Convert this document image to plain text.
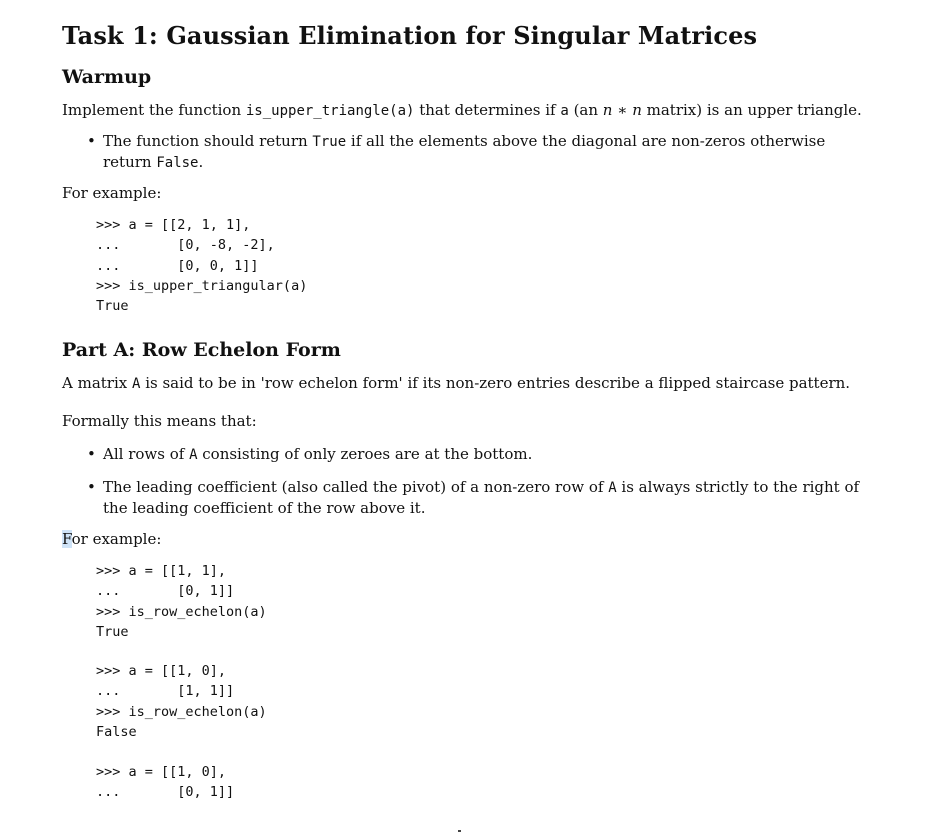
Task 1: Gaussian Elimination for Singular Matrices
Warmup

Implement the function is_upper_triangle(a) that determines if a (an n ∗ n matrix) is an upper triangle.

• The function should return True if all the elements above the diagonal are non-zeros otherwise return False.

For example:

>>> a = [[2, 1, 1],
...       [0, -8, -2],
...       [0, 0, 1]]
>>> is_upper_triangular(a)
True
Part A: Row Echelon Form

A matrix A is said to be in 'row echelon form' if its non-zero entries describe a flipped staircase pattern.

Formally this means that:

• All rows of A consisting of only zeroes are at the bottom.
• The leading coefficient (also called the pivot) of a non-zero row of A is always strictly to the right of the leading coefficient of the row above it.

For example:

>>> a = [[1, 1],
...       [0, 1]]
>>> is_row_echelon(a)
True
>>> a = [[1, 0],
...       [1, 1]]
>>> is_row_echelon(a)
False
>>> a = [[1, 0],
...       [0, 1]]
